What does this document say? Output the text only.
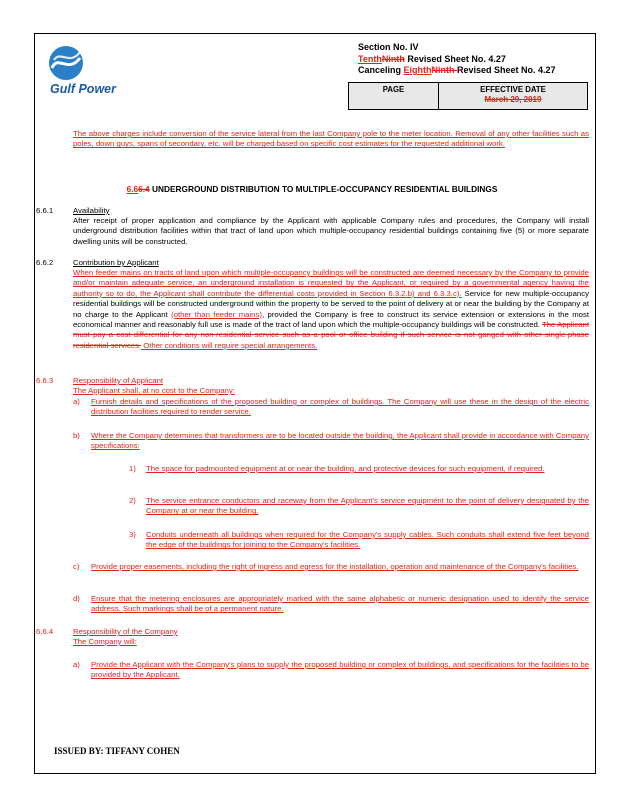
Gulf Power
Section No. IV
TenthNinth Revised Sheet No. 4.27
Canceling EighthNinth Revised Sheet No. 4.27
PAGE	EFFECTIVE DATE
March 29, 2019
The above charges include conversion of the service lateral from the last Company pole to the meter location. Removal of any other facilities such as poles, down guys, spans of secondary, etc. will be charged based on specific cost estimates for the requested additional work.
6.66.4 UNDERGROUND DISTRIBUTION TO MULTIPLE-OCCUPANCY RESIDENTIAL BUILDINGS
6.6.1	Availability
After receipt of proper application and compliance by the Applicant with applicable Company rules and procedures, the Company will install underground distribution facilities within that tract of land upon which multiple-occupancy residential buildings containing five (5) or more separate dwelling units will be constructed.
6.6.2	Contribution by Applicant
When feeder mains on tracts of land upon which multiple-occupancy buildings will be constructed are deemed necessary by the Company to provide and/or maintain adequate service, an underground installation is requested by the Applicant, or required by a governmental agency having the authority so to do, the Applicant shall contribute the differential costs provided in Section 6.3.2.b) and 6.3.3.c). Service for new multiple-occupancy residential buildings will be constructed underground within the property to be served to the point of delivery at or near the building by the Company at no charge to the Applicant (other than feeder mains), provided the Company is free to construct its service extension or extensions in the most economical manner and reasonably full use is made of the tract of land upon which the multiple-occupancy buildings will be constructed. The Applicant must pay a cost differential for any non-residential service such as a pool or office building if such service is not ganged with other single-phase residential services. Other conditions will require special arrangements.
6.6.3	Responsibility of Applicant
The Applicant shall, at no cost to the Company:
a) Furnish details and specifications of the proposed building or complex of buildings. The Company will use these in the design of the electric distribution facilities required to render service.
b) Where the Company determines that transformers are to be located outside the building, the Applicant shall provide in accordance with Company specifications:
1) The space for padmounted equipment at or near the building, and protective devices for such equipment, if required.
2) The service entrance conductors and raceway from the Applicant's service equipment to the point of delivery designated by the Company at or near the building.
3) Conduits underneath all buildings when required for the Company's supply cables. Such conduits shall extend five feet beyond the edge of the buildings for joining to the Company's facilities.
c) Provide proper easements, including the right of ingress and egress for the installation, operation and maintenance of the Company's facilities.
d) Ensure that the metering enclosures are appropriately marked with the same alphabetic or numeric designation used to identify the service address. Such markings shall be of a permanent nature.
6.6.4	Responsibility of the Company
The Company will:
a) Provide the Applicant with the Company's plans to supply the proposed building or complex of buildings, and specifications for the facilities to be provided by the Applicant.
ISSUED BY: TIFFANY COHEN
